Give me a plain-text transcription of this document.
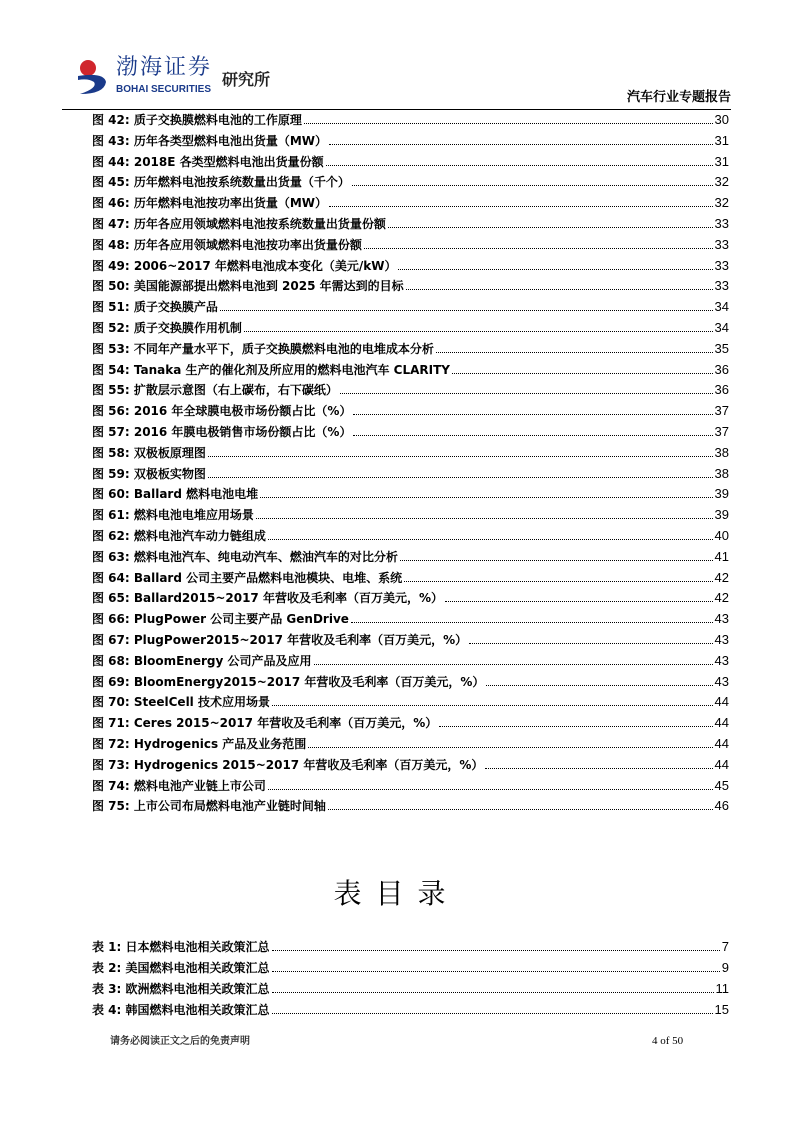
渤海证券
BOHAI SECURITIES
研究所
汽车行业专题报告
图 42: 质子交换膜燃料电池的工作原理	30
图 43: 历年各类型燃料电池出货量（MW）	31
图 44: 2018E 各类型燃料电池出货量份额	31
图 45: 历年燃料电池按系统数量出货量（千个）	32
图 46: 历年燃料电池按功率出货量（MW）	32
图 47: 历年各应用领域燃料电池按系统数量出货量份额	33
图 48: 历年各应用领域燃料电池按功率出货量份额	33
图 49: 2006~2017 年燃料电池成本变化（美元/kW）	33
图 50: 美国能源部提出燃料电池到 2025 年需达到的目标	33
图 51: 质子交换膜产品	34
图 52: 质子交换膜作用机制	34
图 53: 不同年产量水平下，质子交换膜燃料电池的电堆成本分析	35
图 54: Tanaka 生产的催化剂及所应用的燃料电池汽车 CLARITY	36
图 55: 扩散层示意图（右上碳布，右下碳纸）	36
图 56: 2016 年全球膜电极市场份额占比（%）	37
图 57: 2016 年膜电极销售市场份额占比（%）	37
图 58: 双极板原理图	38
图 59: 双极板实物图	38
图 60: Ballard 燃料电池电堆	39
图 61: 燃料电池电堆应用场景	39
图 62: 燃料电池汽车动力链组成	40
图 63: 燃料电池汽车、纯电动汽车、燃油汽车的对比分析	41
图 64: Ballard 公司主要产品燃料电池模块、电堆、系统	42
图 65: Ballard2015~2017 年营收及毛利率（百万美元，%）	42
图 66: PlugPower 公司主要产品 GenDrive	43
图 67: PlugPower2015~2017 年营收及毛利率（百万美元，%）	43
图 68: BloomEnergy 公司产品及应用	43
图 69: BloomEnergy2015~2017 年营收及毛利率（百万美元，%）	43
图 70: SteelCell 技术应用场景	44
图 71: Ceres 2015~2017 年营收及毛利率（百万美元，%）	44
图 72: Hydrogenics 产品及业务范围	44
图 73: Hydrogenics 2015~2017 年营收及毛利率（百万美元，%）	44
图 74: 燃料电池产业链上市公司	45
图 75: 上市公司布局燃料电池产业链时间轴	46
表目录
表 1: 日本燃料电池相关政策汇总	7
表 2: 美国燃料电池相关政策汇总	9
表 3: 欧洲燃料电池相关政策汇总	11
表 4: 韩国燃料电池相关政策汇总	15
请务必阅读正文之后的免责声明	4 of 50
